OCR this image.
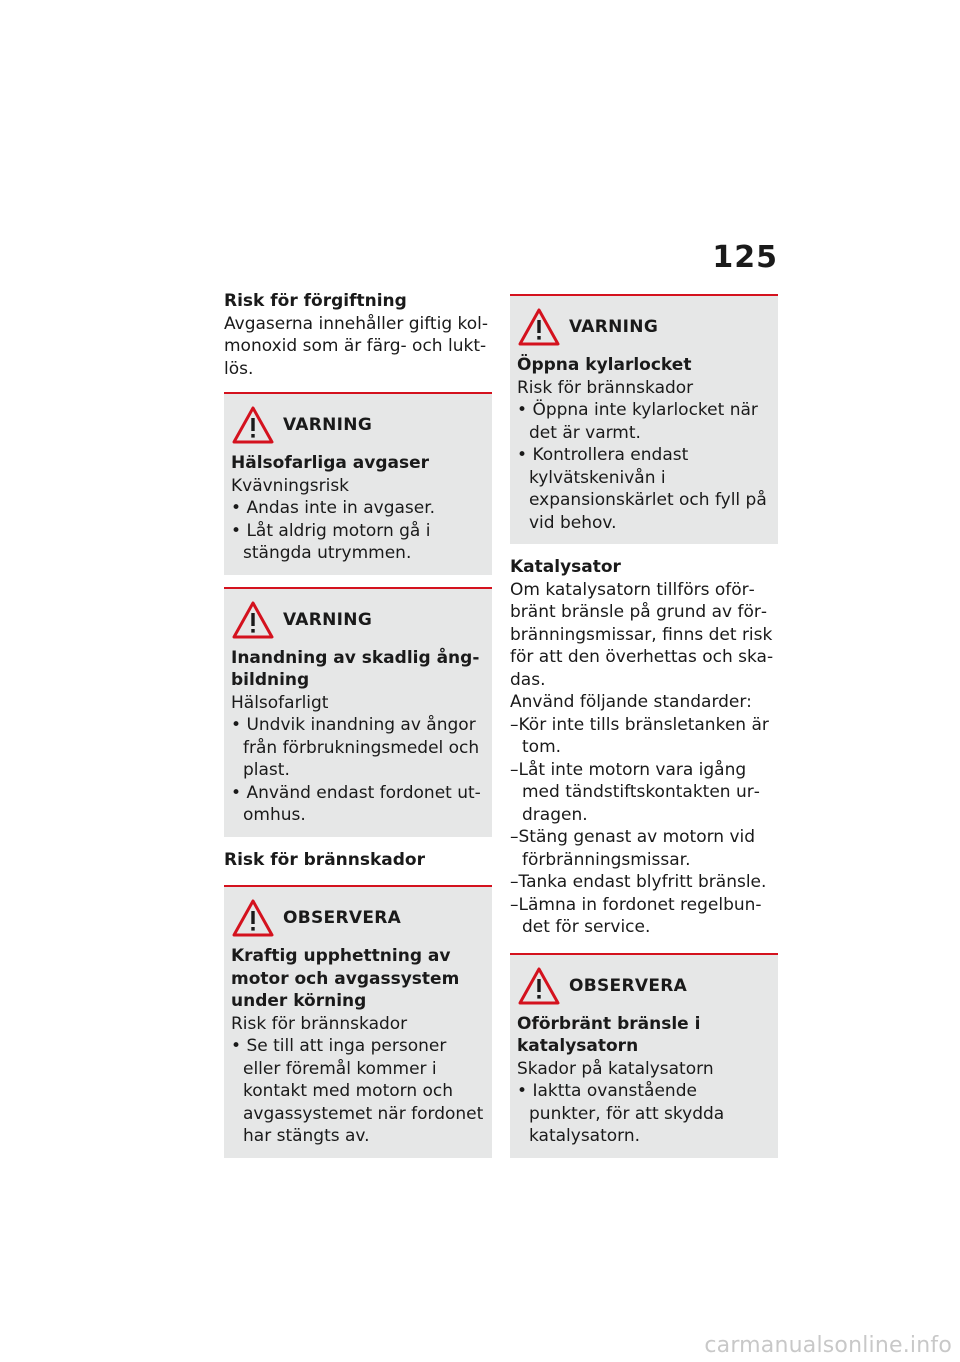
125

Risk för förgiftning

Avgaserna innehåller giftig kolmonoxid som är färg- och luktlös.

VARNING

Hälsofarliga avgaser

Kvävningsrisk

• Andas inte in avgaser.
• Låt aldrig motorn gå i stängda utrymmen.
VARNING

Inandning av skadlig ångbildning

Hälsofarligt

• Undvik inandning av ångor från förbrukningsmedel och plast.
• Använd endast fordonet utomhus.

Risk för brännskador

OBSERVERA

Kraftig upphettning av motor och avgassystem under körning

Risk för brännskador

• Se till att inga personer eller föremål kommer i kontakt med motorn och avgassystemet när fordonet har stängts av.
VARNING

Öppna kylarlocket

Risk för brännskador

• Öppna inte kylarlocket när det är varmt.
• Kontrollera endast kylvätskenivån i expansionskärlet och fyll på vid behov.

Katalysator

Om katalysatorn tillförs oförbränt bränsle på grund av förbränningsmissar, finns det risk för att den överhettas och skadas.

Använd följande standarder:

– Kör inte tills bränsletanken är tom.
– Låt inte motorn vara igång med tändstiftskontakten urdragen.
– Stäng genast av motorn vid förbränningsmissar.
– Tanka endast blyfritt bränsle.
– Lämna in fordonet regelbundet för service.
OBSERVERA

Oförbränt bränsle i katalysatorn

Skador på katalysatorn

• Iaktta ovanstående punkter, för att skydda katalysatorn.
carmanualsonline.info
